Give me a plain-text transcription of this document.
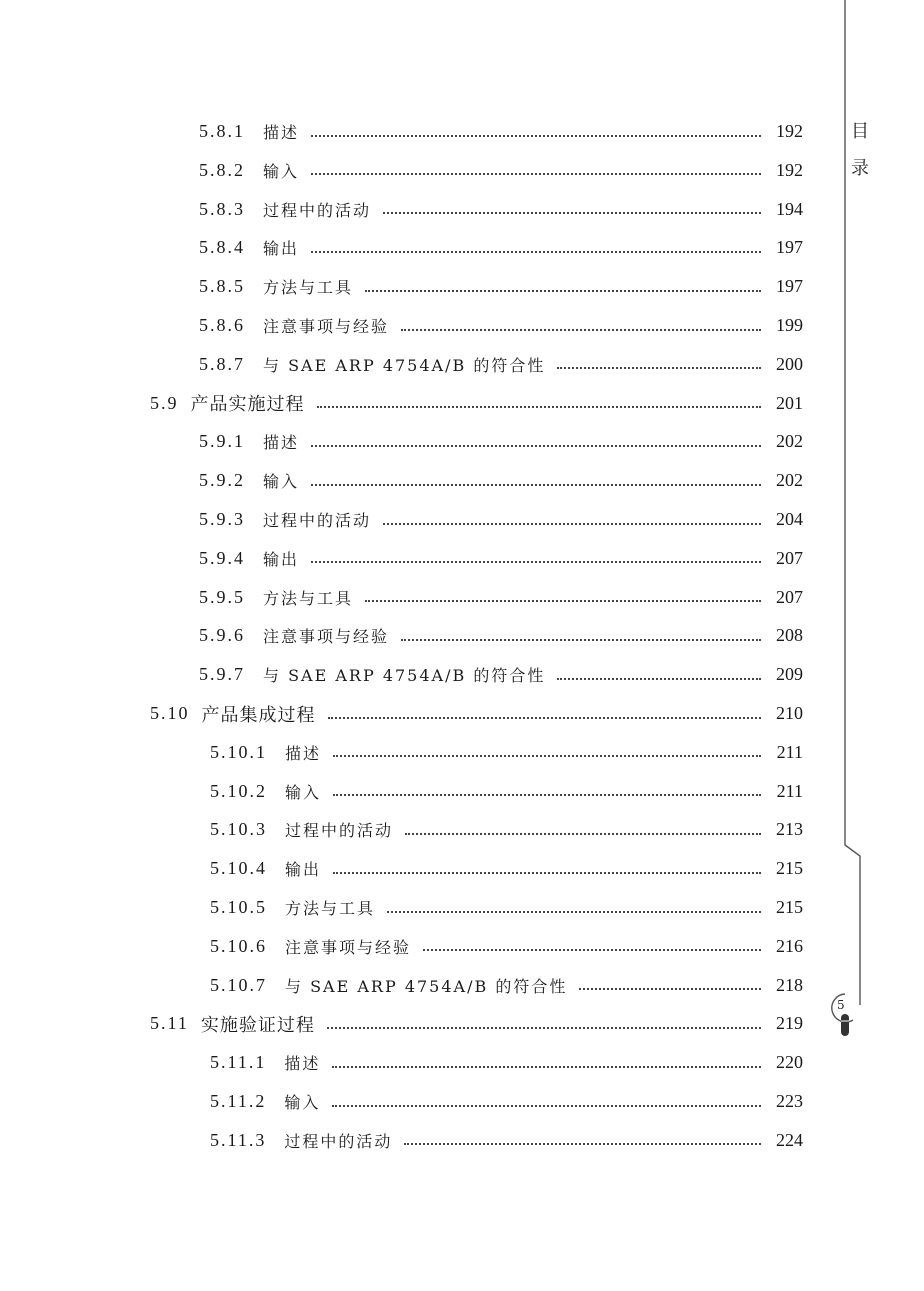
目
录
5
5.8.1 描述	192
5.8.2 输入	192
5.8.3 过程中的活动	194
5.8.4 输出	197
5.8.5 方法与工具	197
5.8.6 注意事项与经验	199
5.8.7 与 SAE ARP 4754A/B 的符合性	200
5.9 产品实施过程	201
5.9.1 描述	202
5.9.2 输入	202
5.9.3 过程中的活动	204
5.9.4 输出	207
5.9.5 方法与工具	207
5.9.6 注意事项与经验	208
5.9.7 与 SAE ARP 4754A/B 的符合性	209
5.10 产品集成过程	210
5.10.1 描述	211
5.10.2 输入	211
5.10.3 过程中的活动	213
5.10.4 输出	215
5.10.5 方法与工具	215
5.10.6 注意事项与经验	216
5.10.7 与 SAE ARP 4754A/B 的符合性	218
5.11 实施验证过程	219
5.11.1 描述	220
5.11.2 输入	223
5.11.3 过程中的活动	224
